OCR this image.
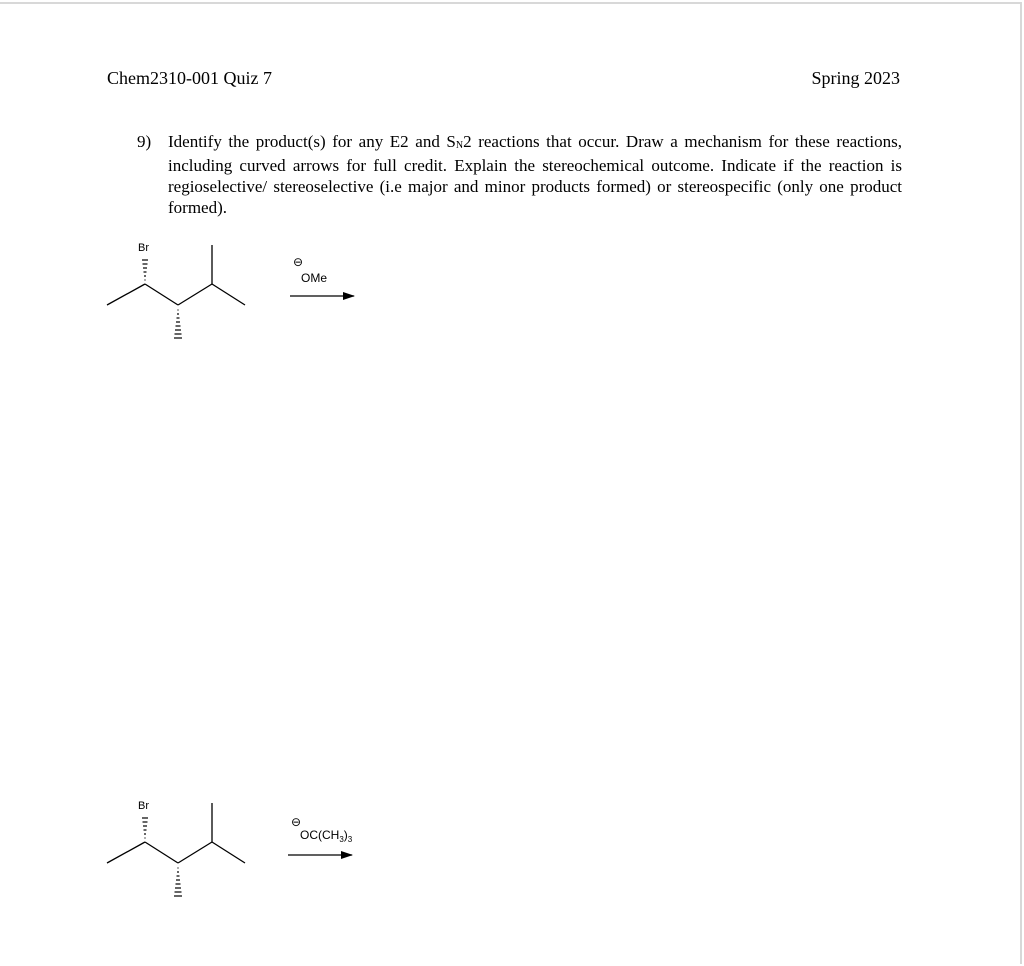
Chem2310-001 Quiz 7	Spring 2023
9) Identify the product(s) for any E2 and SN2 reactions that occur. Draw a mechanism for these reactions, including curved arrows for full credit. Explain the stereochemical outcome. Indicate if the reaction is regioselective/ stereoselective (i.e major and minor products formed) or stereospecific (only one product formed).
Br
⊖
OMe
Br
⊖
$OC(CH_3)_3$
